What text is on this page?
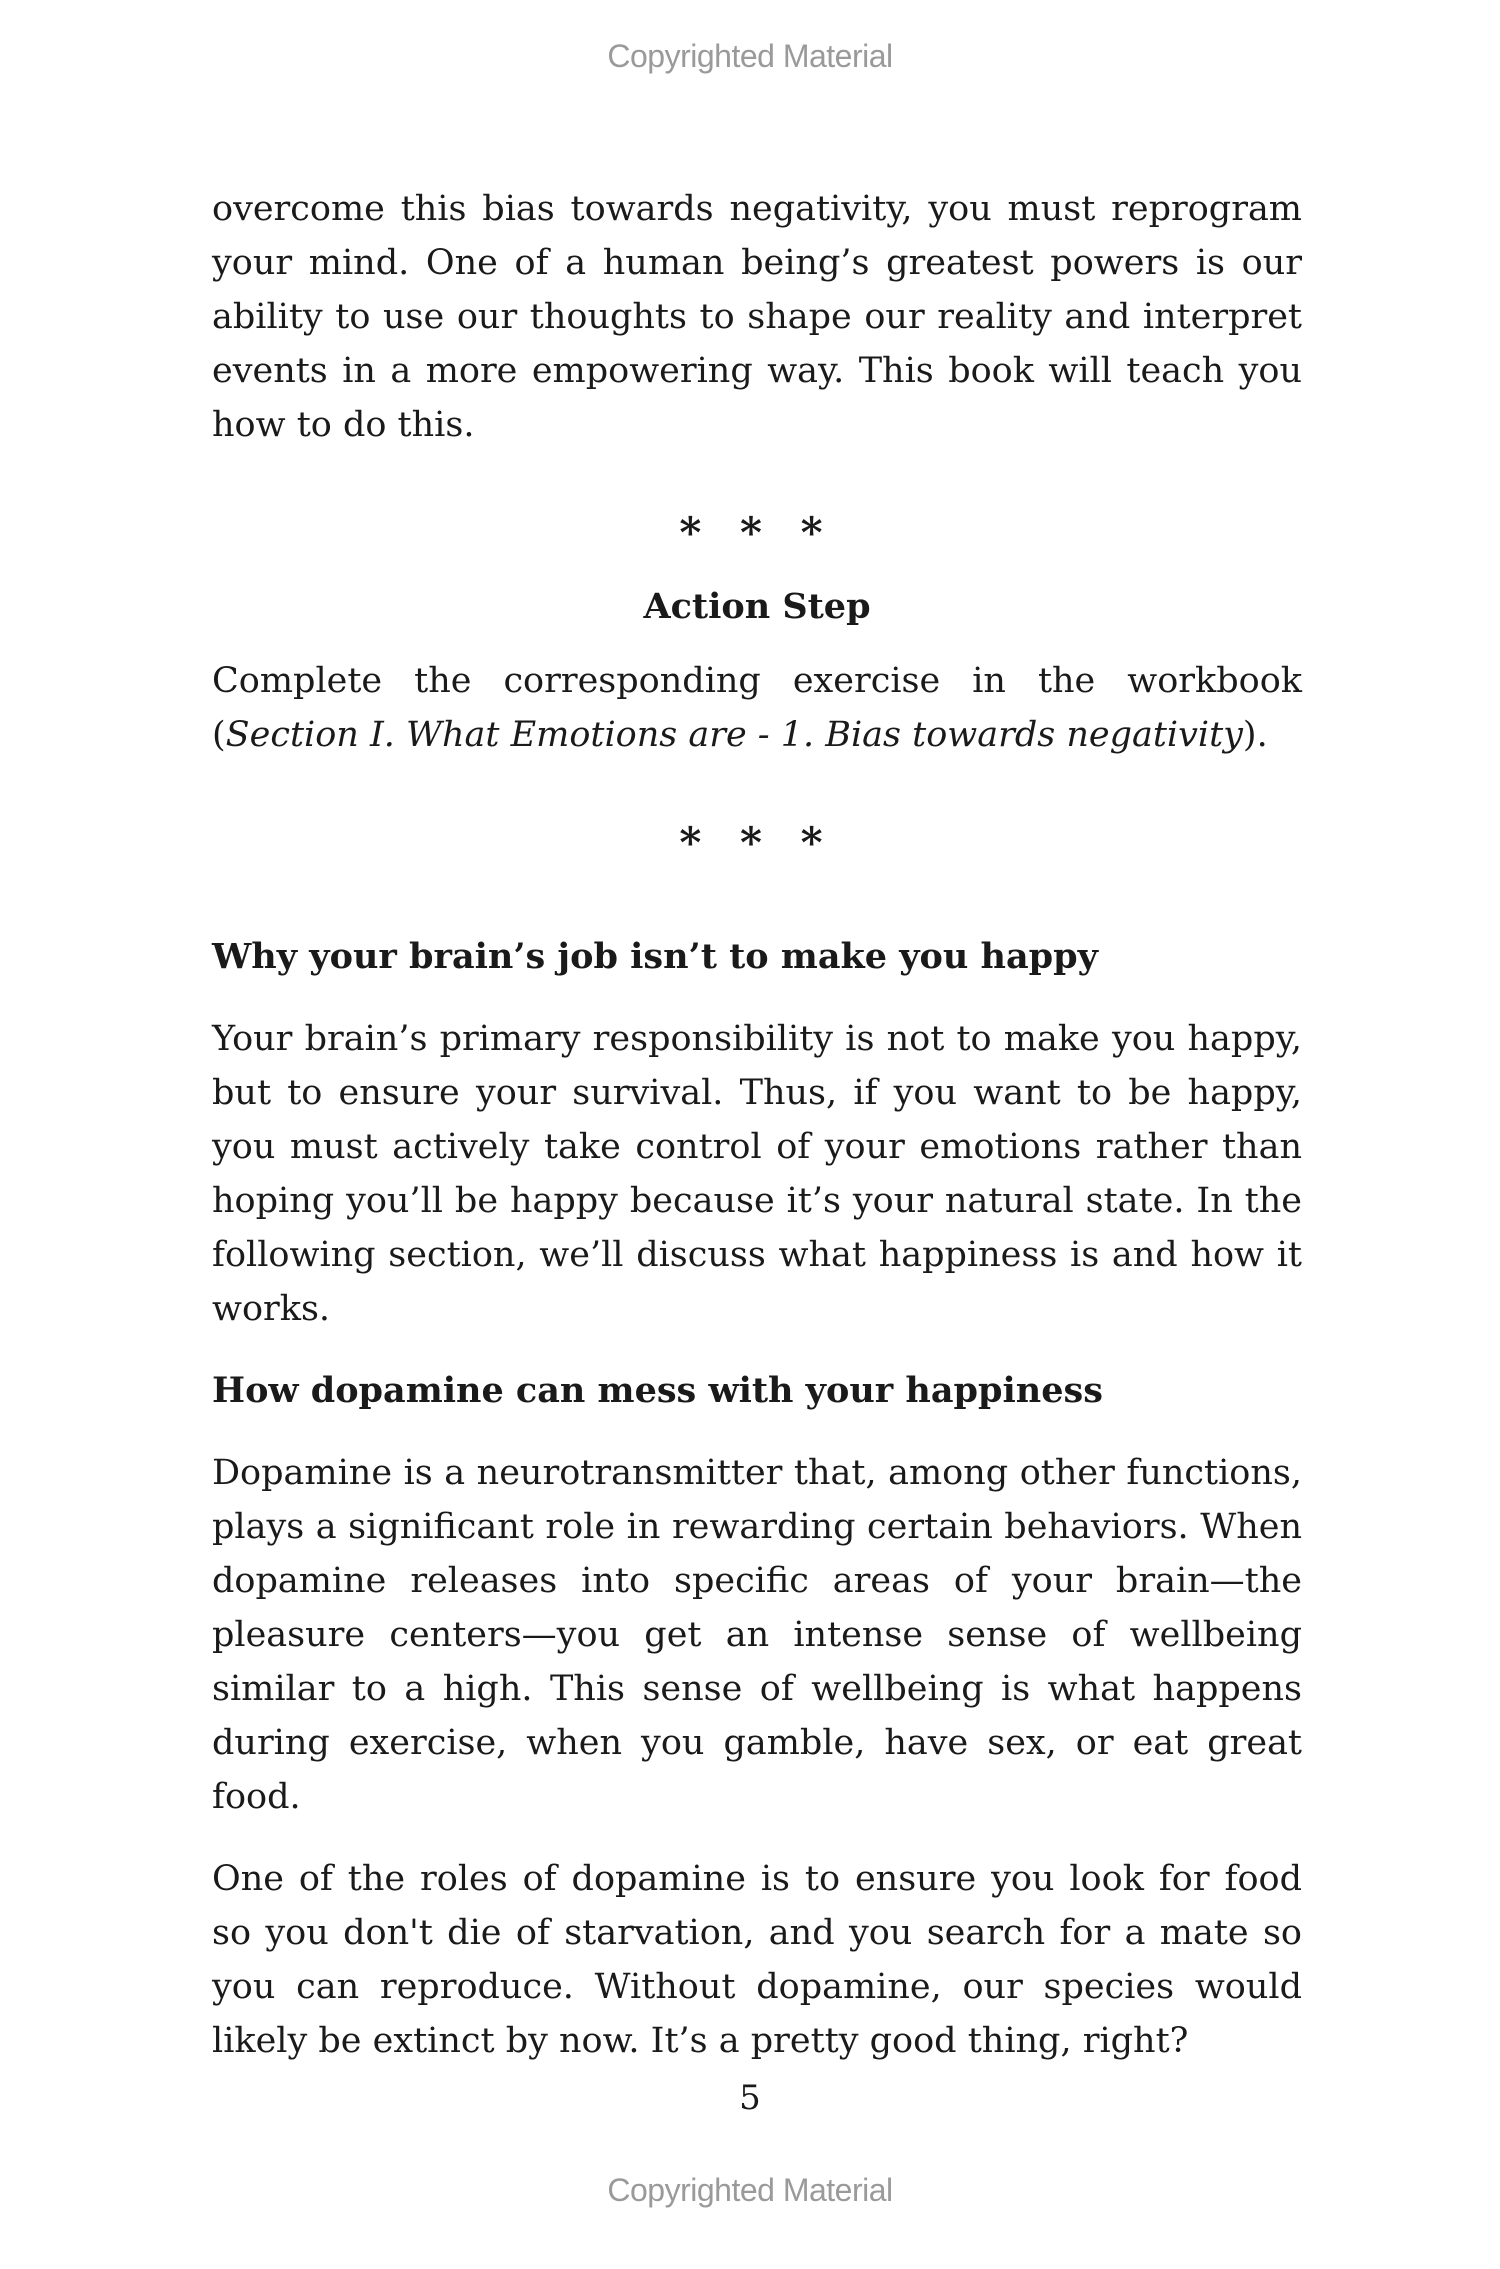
Copyrighted Material

overcome this bias towards negativity, you must reprogram your mind. One of a human being’s greatest powers is our ability to use our thoughts to shape our reality and interpret events in a more empowering way. This book will teach you how to do this.

* * *

Action Step

Complete the corresponding exercise in the workbook (Section I. What Emotions are - 1. Bias towards negativity).

* * *

Why your brain’s job isn’t to make you happy

Your brain’s primary responsibility is not to make you happy, but to ensure your survival. Thus, if you want to be happy, you must actively take control of your emotions rather than hoping you’ll be happy because it’s your natural state. In the following section, we’ll discuss what happiness is and how it works.

How dopamine can mess with your happiness

Dopamine is a neurotransmitter that, among other functions, plays a significant role in rewarding certain behaviors. When dopamine releases into specific areas of your brain—the pleasure centers—you get an intense sense of wellbeing similar to a high. This sense of wellbeing is what happens during exercise, when you gamble, have sex, or eat great food.

One of the roles of dopamine is to ensure you look for food so you don't die of starvation, and you search for a mate so you can reproduce. Without dopamine, our species would likely be extinct by now. It’s a pretty good thing, right?

5
Copyrighted Material
